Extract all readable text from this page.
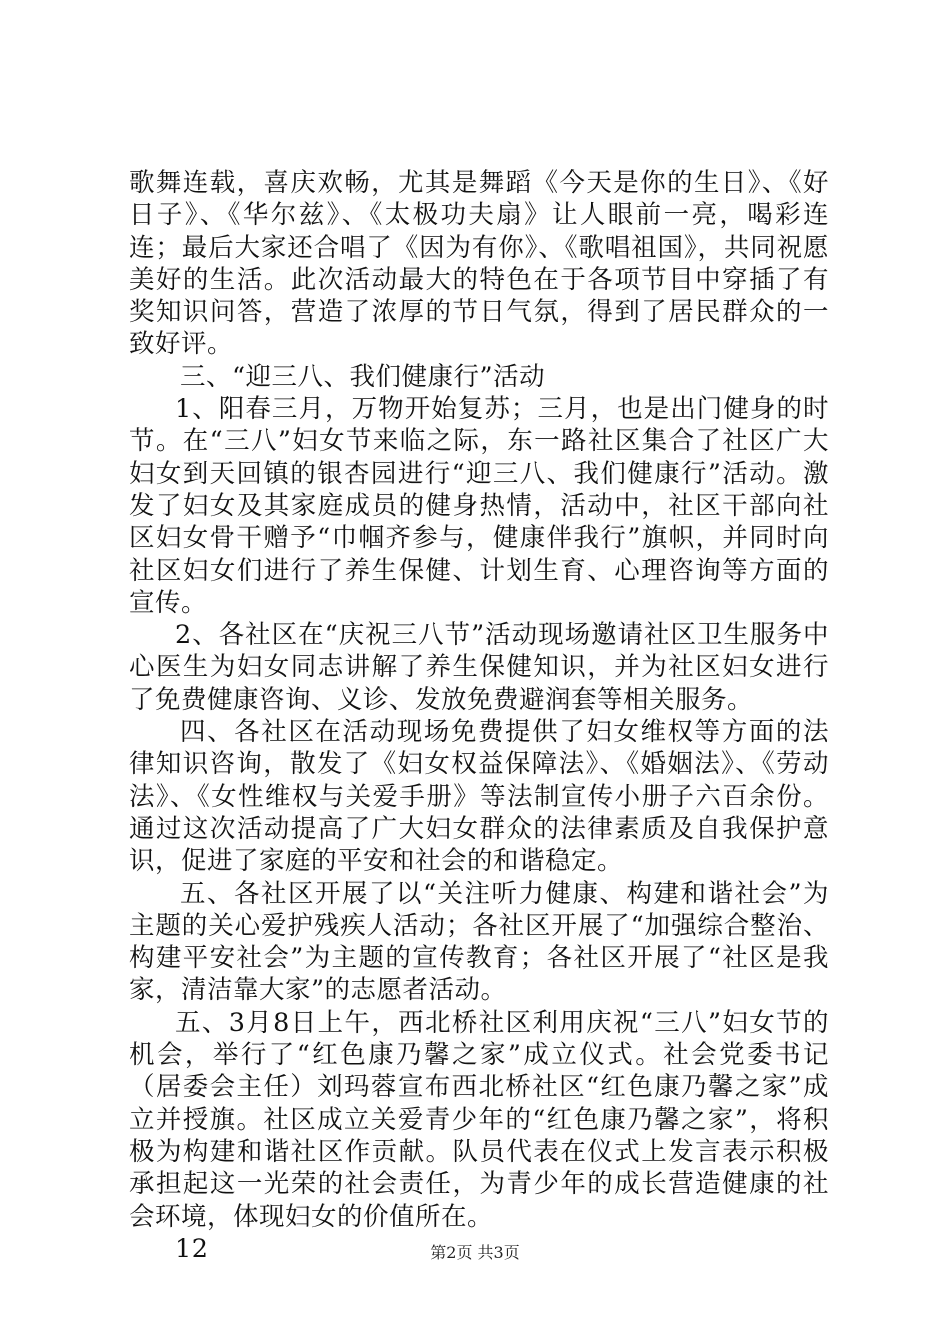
歌舞连载，喜庆欢畅，尤其是舞蹈《今天是你的生日》、《好日子》、《华尔兹》、《太极功夫扇》让人眼前一亮，喝彩连连；最后大家还合唱了《因为有你》、《歌唱祖国》，共同祝愿美好的生活。此次活动最大的特色在于各项节目中穿插了有奖知识问答，营造了浓厚的节日气氛，得到了居民群众的一致好评。

三、“迎三八、我们健康行”活动

1、阳春三月，万物开始复苏；三月，也是出门健身的时节。在“三八”妇女节来临之际，东一路社区集合了社区广大妇女到天回镇的银杏园进行“迎三八、我们健康行”活动。激发了妇女及其家庭成员的健身热情，活动中，社区干部向社区妇女骨干赠予“巾帼齐参与，健康伴我行”旗帜，并同时向社区妇女们进行了养生保健、计划生育、心理咨询等方面的宣传。

2、各社区在“庆祝三八节”活动现场邀请社区卫生服务中心医生为妇女同志讲解了养生保健知识，并为社区妇女进行了免费健康咨询、义诊、发放免费避润套等相关服务。

四、各社区在活动现场免费提供了妇女维权等方面的法律知识咨询，散发了《妇女权益保障法》、《婚姻法》、《劳动法》、《女性维权与关爱手册》等法制宣传小册子六百余份。通过这次活动提高了广大妇女群众的法律素质及自我保护意识，促进了家庭的平安和社会的和谐稳定。

五、各社区开展了以“关注听力健康、构建和谐社会”为主题的关心爱护残疾人活动；各社区开展了“加强综合整治、构建平安社会”为主题的宣传教育；各社区开展了“社区是我家，清洁靠大家”的志愿者活动。

五、3月8日上午，西北桥社区利用庆祝“三八”妇女节的机会，举行了“红色康乃馨之家”成立仪式。社会党委书记（居委会主任）刘玛蓉宣布西北桥社区“红色康乃馨之家”成立并授旗。社区成立关爱青少年的“红色康乃馨之家”，将积极为构建和谐社区作贡献。队员代表在仪式上发言表示积极承担起这一光荣的社会责任，为青少年的成长营造健康的社会环境，体现妇女的价值所在。

12	第2页 共3页
